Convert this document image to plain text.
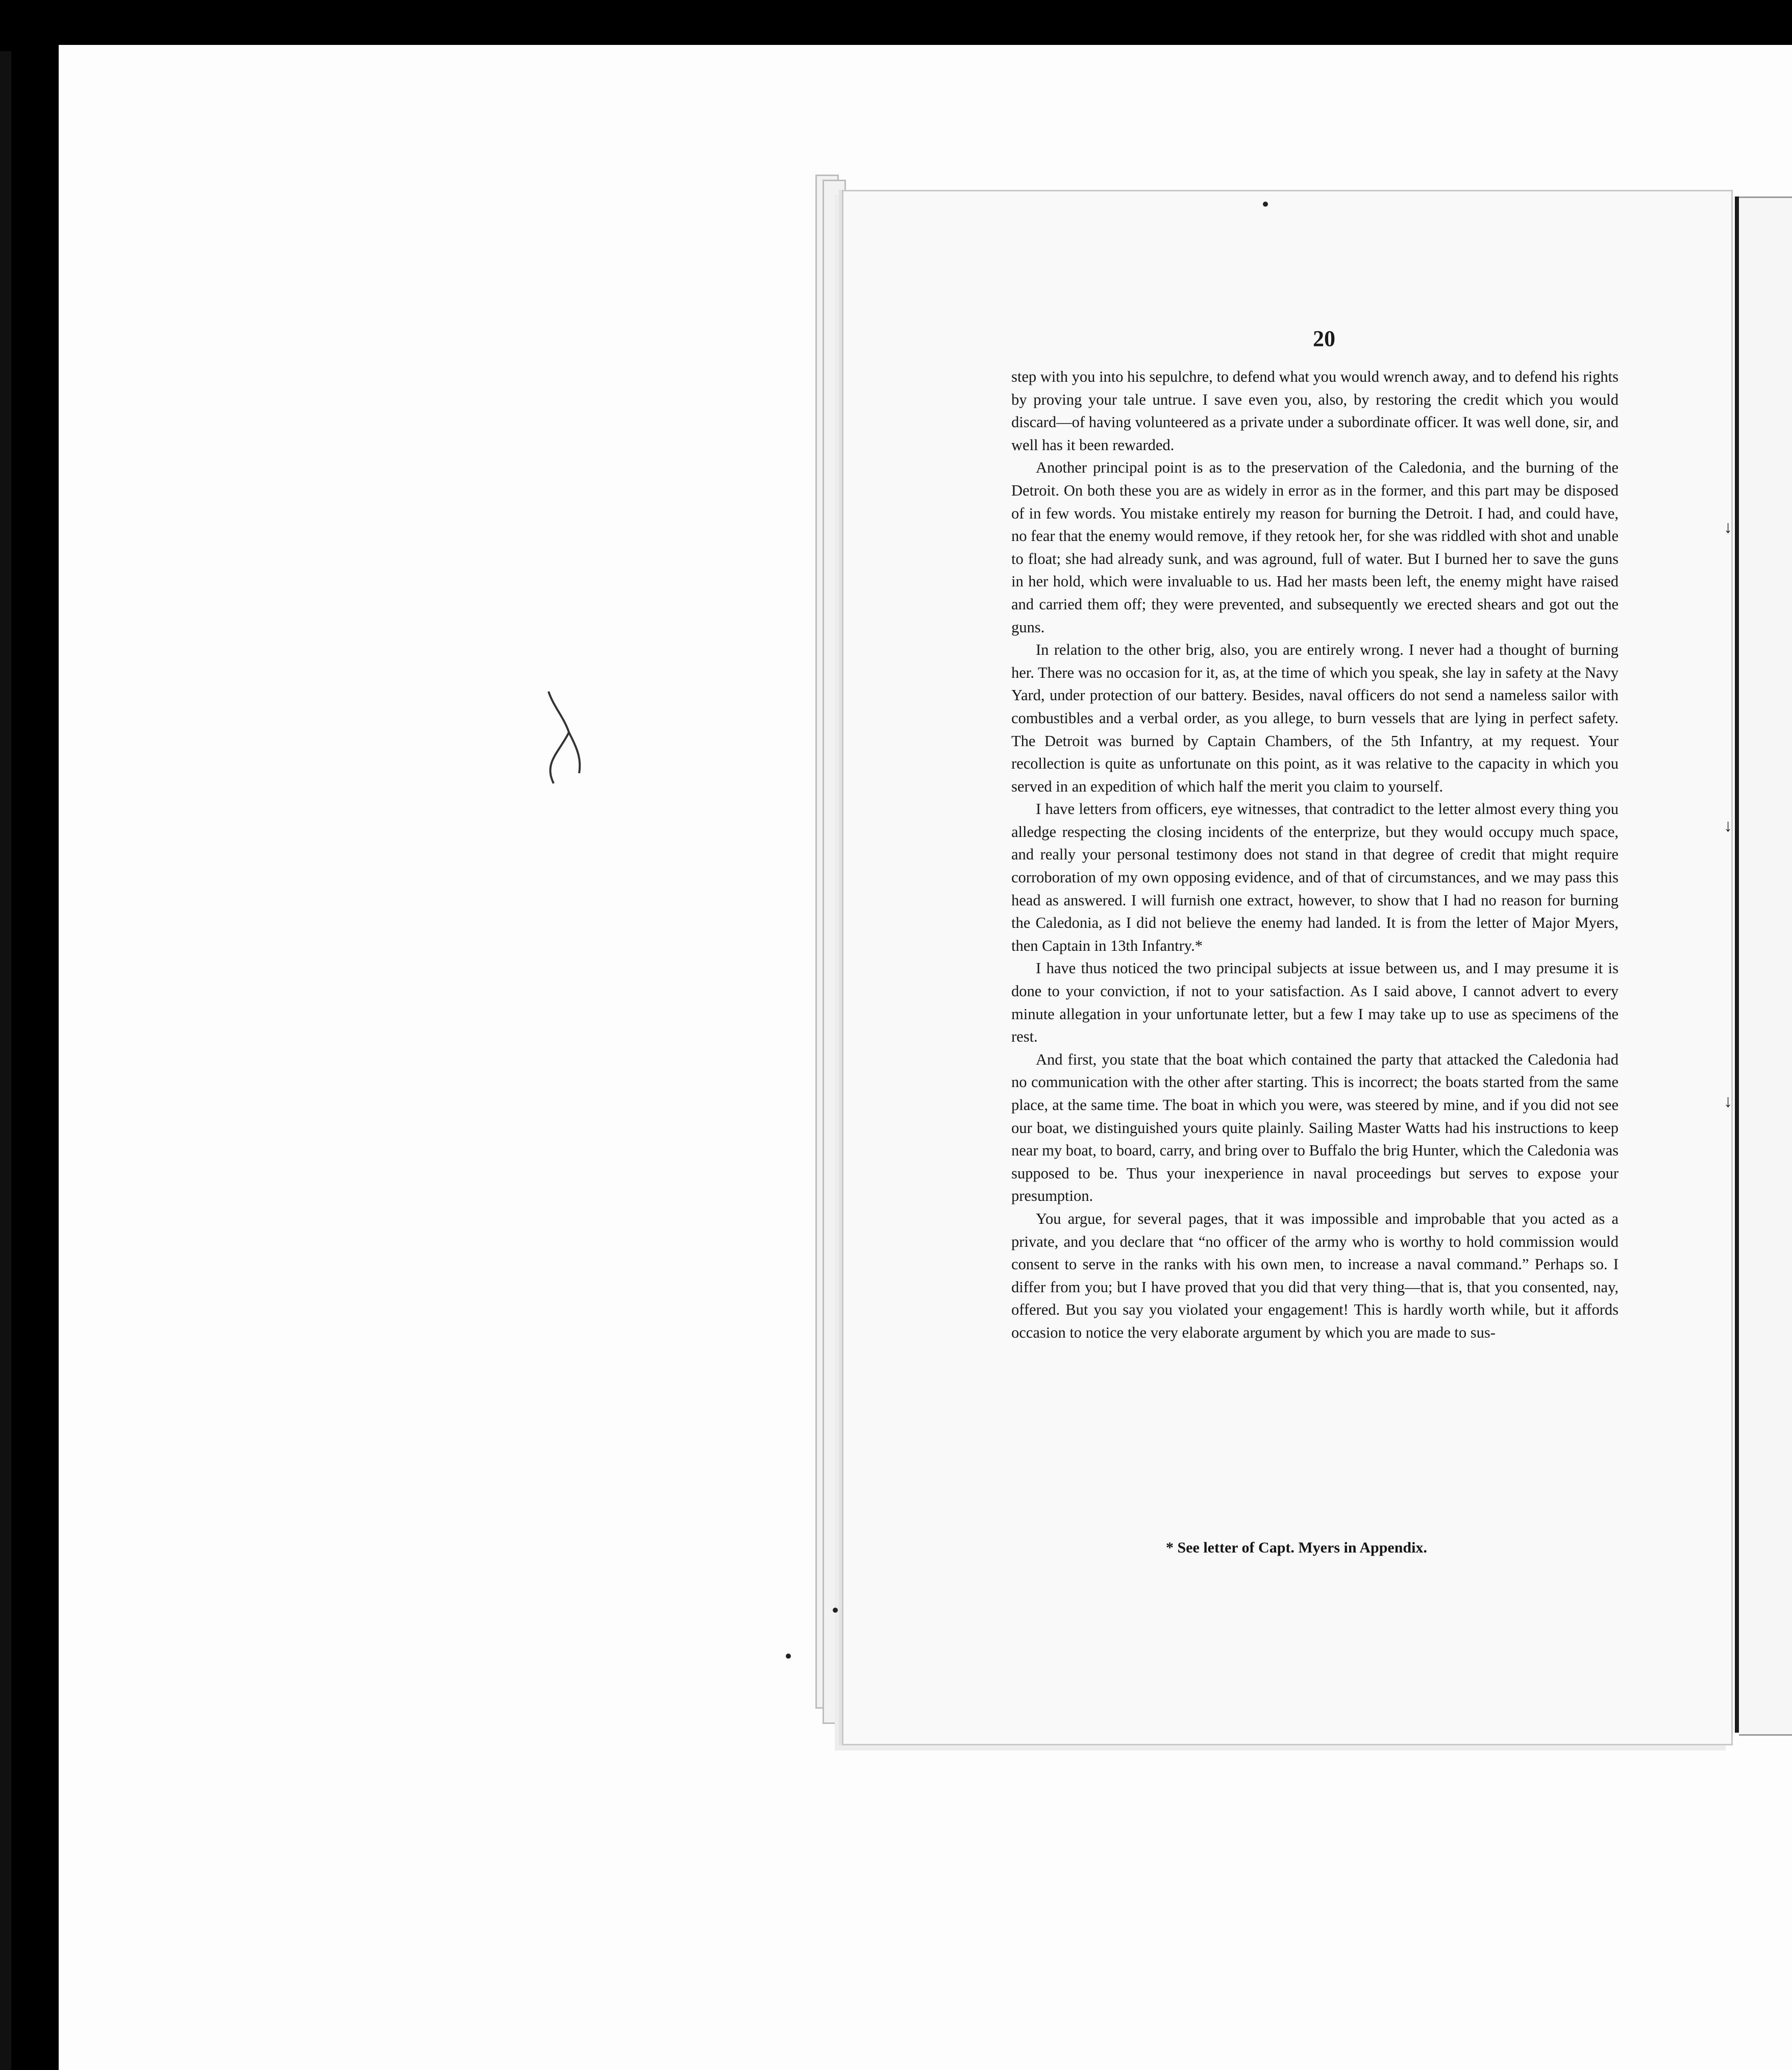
↓
↓
↓
20

step with you into his sepulchre, to defend what you would wrench away, and to defend his rights by proving your tale untrue. I save even you, also, by restoring the credit which you would discard—of having volunteered as a private under a subordinate officer. It was well done, sir, and well has it been rewarded.

Another principal point is as to the preservation of the Caledonia, and the burning of the Detroit. On both these you are as widely in error as in the former, and this part may be disposed of in few words. You mistake entirely my reason for burning the Detroit. I had, and could have, no fear that the enemy would remove, if they retook her, for she was riddled with shot and unable to float; she had already sunk, and was aground, full of water. But I burned her to save the guns in her hold, which were invaluable to us. Had her masts been left, the enemy might have raised and carried them off; they were prevented, and subsequently we erected shears and got out the guns.

In relation to the other brig, also, you are entirely wrong. I never had a thought of burning her. There was no occasion for it, as, at the time of which you speak, she lay in safety at the Navy Yard, under protection of our battery. Besides, naval officers do not send a nameless sailor with combustibles and a verbal order, as you allege, to burn vessels that are lying in perfect safety. The Detroit was burned by Captain Chambers, of the 5th Infantry, at my request. Your recollection is quite as unfortunate on this point, as it was relative to the capacity in which you served in an expedition of which half the merit you claim to yourself.

I have letters from officers, eye witnesses, that contradict to the letter almost every thing you alledge respecting the closing incidents of the enterprize, but they would occupy much space, and really your personal testimony does not stand in that degree of credit that might require corroboration of my own opposing evidence, and of that of circumstances, and we may pass this head as answered. I will furnish one extract, however, to show that I had no reason for burning the Caledonia, as I did not believe the enemy had landed. It is from the letter of Major Myers, then Captain in 13th Infantry.*

I have thus noticed the two principal subjects at issue between us, and I may presume it is done to your conviction, if not to your satisfaction. As I said above, I cannot advert to every minute allegation in your unfortunate letter, but a few I may take up to use as specimens of the rest.

And first, you state that the boat which contained the party that attacked the Caledonia had no communication with the other after starting. This is incorrect; the boats started from the same place, at the same time. The boat in which you were, was steered by mine, and if you did not see our boat, we distinguished yours quite plainly. Sailing Master Watts had his instructions to keep near my boat, to board, carry, and bring over to Buffalo the brig Hunter, which the Caledonia was supposed to be. Thus your inexperience in naval proceedings but serves to expose your presumption.

You argue, for several pages, that it was impossible and improbable that you acted as a private, and you declare that “no officer of the army who is worthy to hold commission would consent to serve in the ranks with his own men, to increase a naval command.” Perhaps so. I differ from you; but I have proved that you did that very thing—that is, that you consented, nay, offered. But you say you violated your engagement! This is hardly worth while, but it affords occasion to notice the very elaborate argument by which you are made to sus-

* See letter of Capt. Myers in Appendix.
